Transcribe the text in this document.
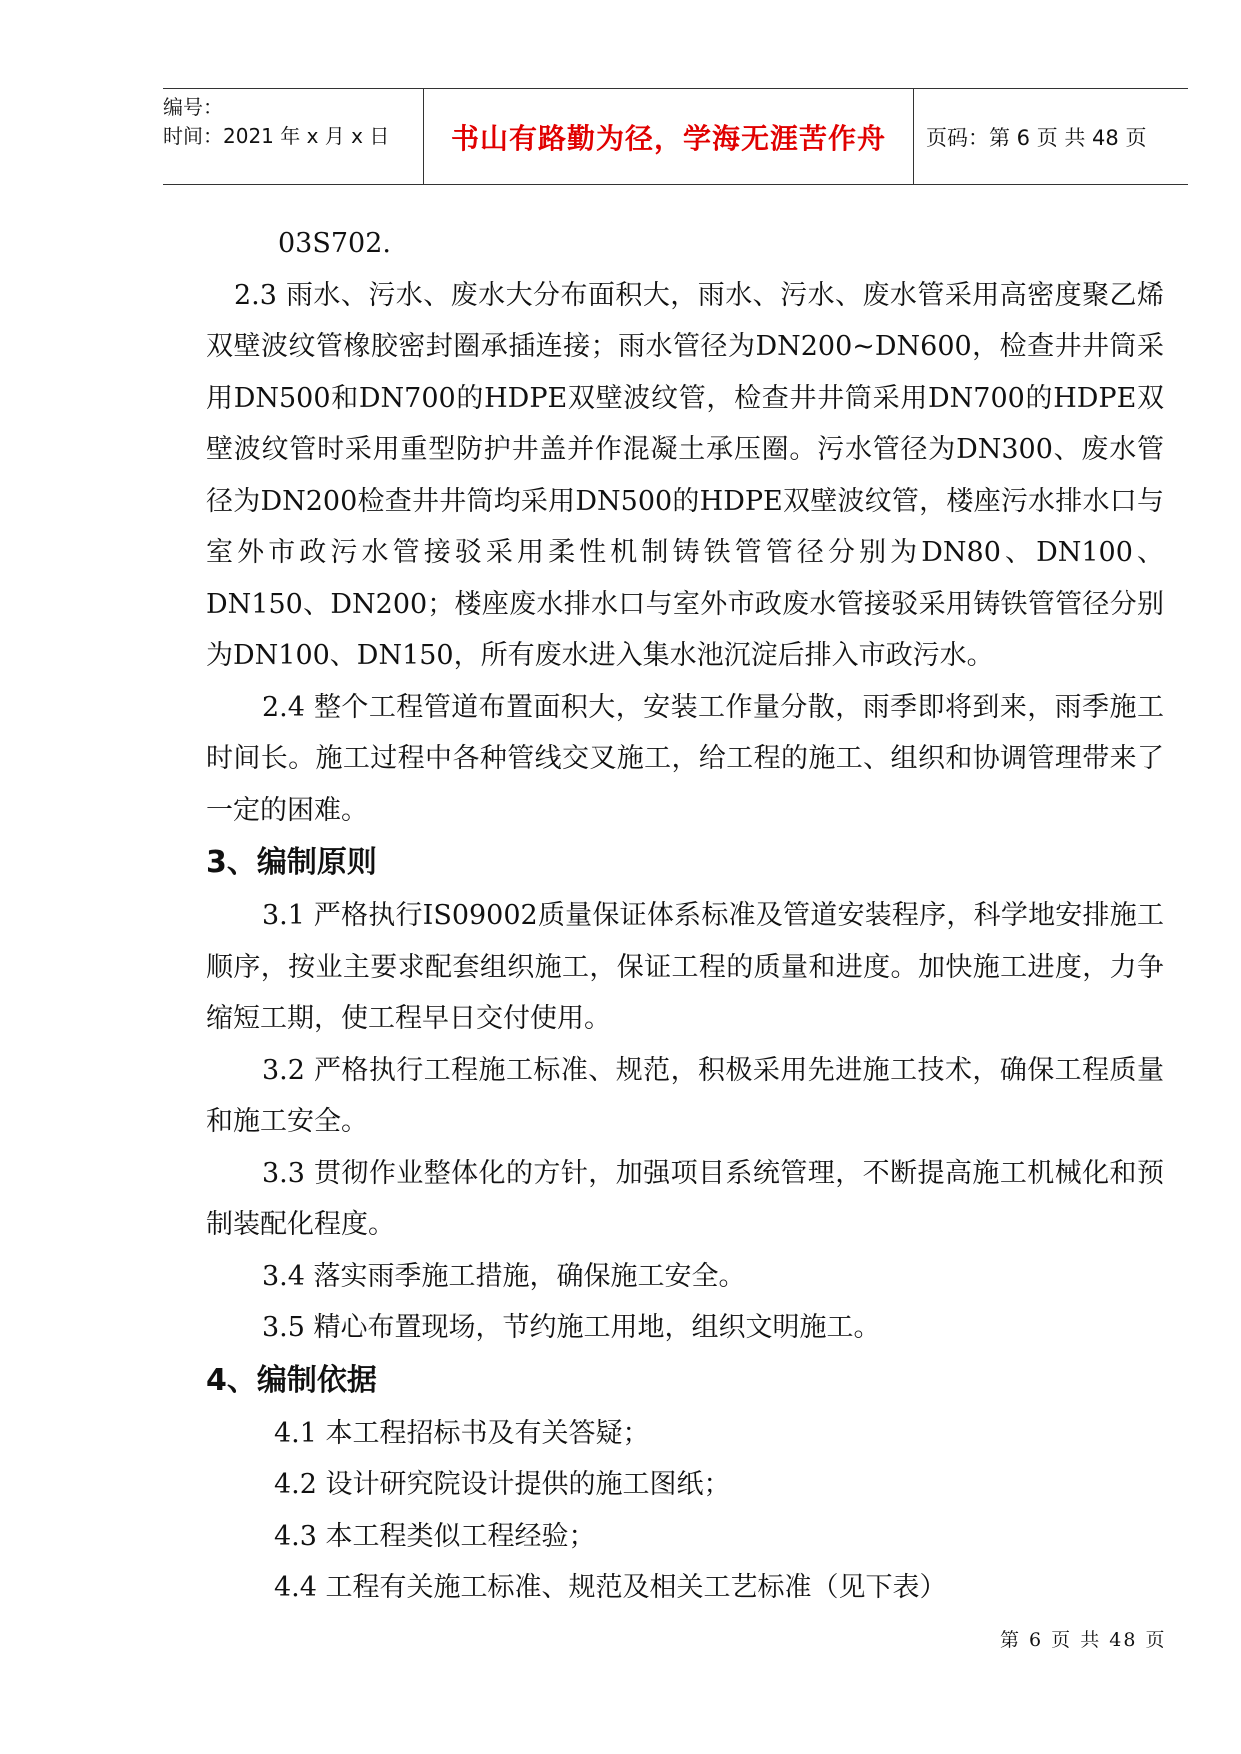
编号：
时间：2021 年 x 月 x 日	书山有路勤为径，学海无涯苦作舟	页码：第 6 页 共 48 页

03S702.

2.3 雨水、污水、废水大分布面积大，雨水、污水、废水管采用高密度聚乙烯双壁波纹管橡胶密封圈承插连接；雨水管径为DN200~DN600，检查井井筒采用DN500和DN700的HDPE双壁波纹管，检查井井筒采用DN700的HDPE双壁波纹管时采用重型防护井盖并作混凝土承压圈。污水管径为DN300、废水管径为DN200检查井井筒均采用DN500的HDPE双壁波纹管，楼座污水排水口与室外市政污水管接驳采用柔性机制铸铁管管径分别为DN80、DN100、DN150、DN200；楼座废水排水口与室外市政废水管接驳采用铸铁管管径分别为DN100、DN150，所有废水进入集水池沉淀后排入市政污水。

2.4 整个工程管道布置面积大，安装工作量分散，雨季即将到来，雨季施工时间长。施工过程中各种管线交叉施工，给工程的施工、组织和协调管理带来了一定的困难。

3、编制原则

3.1 严格执行IS09002质量保证体系标准及管道安装程序，科学地安排施工顺序，按业主要求配套组织施工，保证工程的质量和进度。加快施工进度，力争缩短工期，使工程早日交付使用。

3.2 严格执行工程施工标准、规范，积极采用先进施工技术，确保工程质量和施工安全。

3.3 贯彻作业整体化的方针，加强项目系统管理，不断提高施工机械化和预制装配化程度。

3.4 落实雨季施工措施，确保施工安全。

3.5 精心布置现场，节约施工用地，组织文明施工。

4、编制依据

4.1 本工程招标书及有关答疑；

4.2 设计研究院设计提供的施工图纸；

4.3 本工程类似工程经验；

4.4 工程有关施工标准、规范及相关工艺标准（见下表）

第 6 页 共 48 页
